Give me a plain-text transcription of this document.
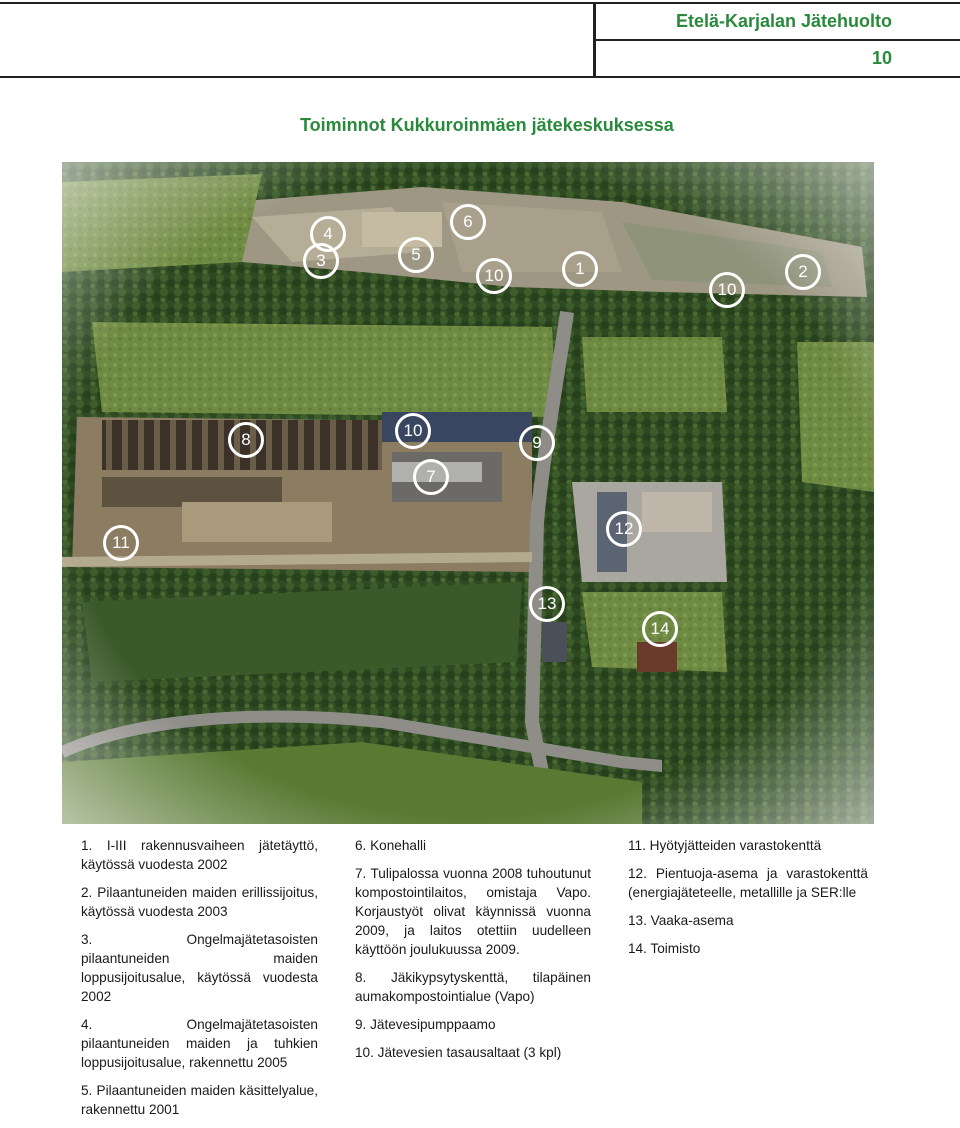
Etelä-Karjalan Jätehuolto
10
Toiminnot Kukkuroinmäen jätekeskuksessa
4
3
6
5
10	1
10
2
8	10
9
7
11
12
13
14

1. I-III rakennusvaiheen jätetäyttö, käytössä vuodesta 2002

2. Pilaantuneiden maiden erillissijoitus, käytössä vuodesta 2003

3. Ongelmajätetasoisten pilaantuneiden maiden loppusijoitusalue, käytössä vuodesta 2002

4. Ongelmajätetasoisten pilaantuneiden maiden ja tuhkien loppusijoitusalue, rakennettu 2005

5. Pilaantuneiden maiden käsittelyalue, rakennettu 2001

6. Konehalli

7. Tulipalossa vuonna 2008 tuhoutunut kompostointilaitos, omistaja Vapo. Korjaustyöt olivat käynnissä vuonna 2009, ja laitos otettiin uudelleen käyttöön joulukuussa 2009.

8. Jäkikypsytyskenttä, tilapäinen aumakompostointialue (Vapo)

9. Jätevesipumppaamo

10. Jätevesien tasausaltaat (3 kpl)

11. Hyötyjätteiden varastokenttä

12. Pientuoja-asema ja varastokenttä (energiajäteteelle, metallille ja SER:lle

13. Vaaka-asema

14. Toimisto
